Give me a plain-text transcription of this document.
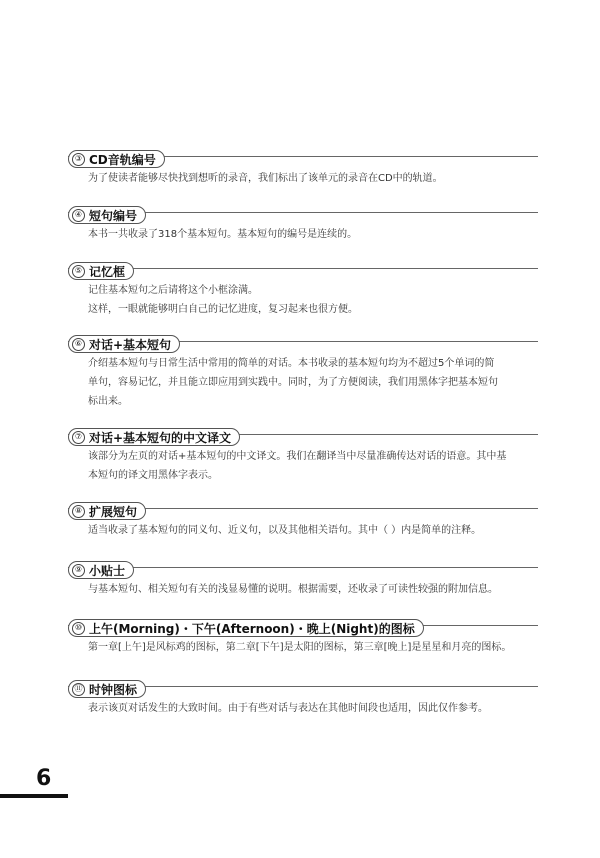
③ CD音轨编号

为了使读者能够尽快找到想听的录音，我们标出了该单元的录音在CD中的轨道。

④ 短句编号

本书一共收录了318个基本短句。基本短句的编号是连续的。

⑤ 记忆框

记住基本短句之后请将这个小框涂满。

这样，一眼就能够明白自己的记忆进度，复习起来也很方便。

⑥ 对话+基本短句

介绍基本短句与日常生活中常用的简单的对话。本书收录的基本短句均为不超过5个单词的简

单句，容易记忆，并且能立即应用到实践中。同时，为了方便阅读，我们用黑体字把基本短句

标出来。

⑦ 对话+基本短句的中文译文

该部分为左页的对话+基本短句的中文译文。我们在翻译当中尽量准确传达对话的语意。其中基

本短句的译文用黑体字表示。

⑧ 扩展短句

适当收录了基本短句的同义句、近义句，以及其他相关语句。其中（ ）内是简单的注释。

⑨ 小贴士

与基本短句、相关短句有关的浅显易懂的说明。根据需要，还收录了可读性较强的附加信息。

⑩ 上午(Morning)・下午(Afternoon)・晚上(Night)的图标

第一章[上午]是风标鸡的图标，第二章[下午]是太阳的图标，第三章[晚上]是星星和月亮的图标。

⑪ 时钟图标

表示该页对话发生的大致时间。由于有些对话与表达在其他时间段也适用，因此仅作参考。

6
